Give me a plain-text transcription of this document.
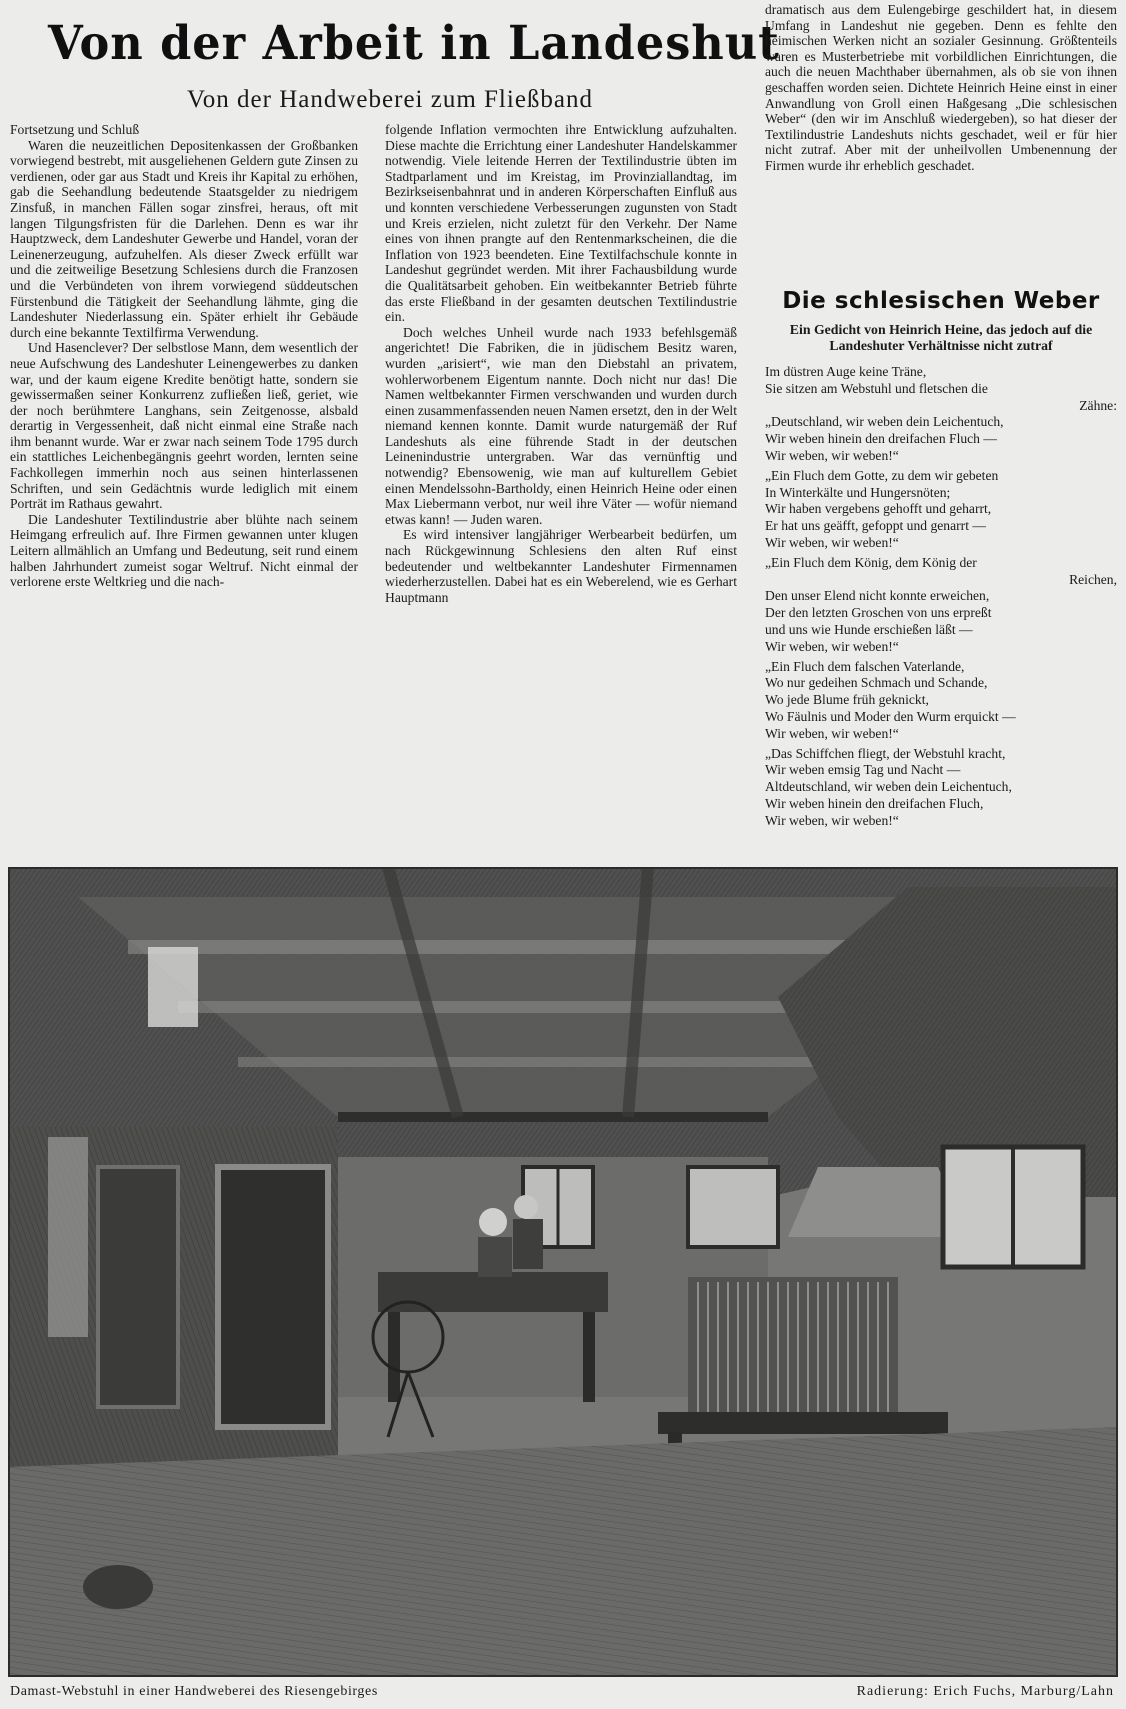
Von der Arbeit in Landeshut
Von der Handweberei zum Fließband

Fortsetzung und Schluß

Waren die neuzeitlichen Depositenkassen der Großbanken vorwiegend bestrebt, mit ausgeliehenen Geldern gute Zinsen zu verdienen, oder gar aus Stadt und Kreis ihr Kapital zu erhöhen, gab die Seehandlung bedeutende Staatsgelder zu niedrigem Zinsfuß, in manchen Fällen sogar zinsfrei, heraus, oft mit langen Tilgungsfristen für die Darlehen. Denn es war ihr Hauptzweck, dem Landeshuter Gewerbe und Handel, voran der Leinenerzeugung, aufzuhelfen. Als dieser Zweck erfüllt war und die zeitweilige Besetzung Schlesiens durch die Franzosen und die Verbündeten von ihrem vorwiegend süddeutschen Fürstenbund die Tätigkeit der Seehandlung lähmte, ging die Landeshuter Niederlassung ein. Später erhielt ihr Gebäude durch eine bekannte Textilfirma Verwendung.

Und Hasenclever? Der selbstlose Mann, dem wesentlich der neue Aufschwung des Landeshuter Leinengewerbes zu danken war, und der kaum eigene Kredite benötigt hatte, sondern sie gewissermaßen seiner Konkurrenz zufließen ließ, geriet, wie der noch berühmtere Langhans, sein Zeitgenosse, alsbald derartig in Vergessenheit, daß nicht einmal eine Straße nach ihm benannt wurde. War er zwar nach seinem Tode 1795 durch ein stattliches Leichenbegängnis geehrt worden, lernten seine Fachkollegen immerhin noch aus seinen hinterlassenen Schriften, und sein Gedächtnis wurde lediglich mit einem Porträt im Rathaus gewahrt.

Die Landeshuter Textilindustrie aber blühte nach seinem Heimgang erfreulich auf. Ihre Firmen gewannen unter klugen Leitern allmählich an Umfang und Bedeutung, seit rund einem halben Jahrhundert zumeist sogar Weltruf. Nicht einmal der verlorene erste Weltkrieg und die nach-

folgende Inflation vermochten ihre Entwicklung aufzuhalten. Diese machte die Errichtung einer Landeshuter Handelskammer notwendig. Viele leitende Herren der Textilindustrie übten im Stadtparlament und im Kreistag, im Provinziallandtag, im Bezirkseisenbahnrat und in anderen Körperschaften Einfluß aus und konnten verschiedene Verbesserungen zugunsten von Stadt und Kreis erzielen, nicht zuletzt für den Verkehr. Der Name eines von ihnen prangte auf den Rentenmarkscheinen, die die Inflation von 1923 beendeten. Eine Textilfachschule konnte in Landeshut gegründet werden. Mit ihrer Fachausbildung wurde die Qualitätsarbeit gehoben. Ein weitbekannter Betrieb führte das erste Fließband in der gesamten deutschen Textilindustrie ein.

Doch welches Unheil wurde nach 1933 befehlsgemäß angerichtet! Die Fabriken, die in jüdischem Besitz waren, wurden „arisiert“, wie man den Diebstahl an privatem, wohlerworbenem Eigentum nannte. Doch nicht nur das! Die Namen weltbekannter Firmen verschwanden und wurden durch einen zusammenfassenden neuen Namen ersetzt, den in der Welt niemand kennen konnte. Damit wurde naturgemäß der Ruf Landeshuts als eine führende Stadt in der deutschen Leinenindustrie untergraben. War das vernünftig und notwendig? Ebensowenig, wie man auf kulturellem Gebiet einen Mendelssohn-Bartholdy, einen Heinrich Heine oder einen Max Liebermann verbot, nur weil ihre Väter — wofür niemand etwas kann! — Juden waren.

Es wird intensiver langjähriger Werbearbeit bedürfen, um nach Rückgewinnung Schlesiens den alten Ruf einst bedeutender und weltbekannter Landeshuter Firmennamen wiederherzustellen. Dabei hat es ein Weberelend, wie es Gerhart Hauptmann

dramatisch aus dem Eulengebirge geschildert hat, in diesem Umfang in Landeshut nie gegeben. Denn es fehlte den heimischen Werken nicht an sozialer Gesinnung. Größtenteils waren es Musterbetriebe mit vorbildlichen Einrichtungen, die auch die neuen Machthaber übernahmen, als ob sie von ihnen geschaffen worden seien. Dichtete Heinrich Heine einst in einer Anwandlung von Groll einen Haßgesang „Die schlesischen Weber“ (den wir im Anschluß wiedergeben), so hat dieser der Textilindustrie Landeshuts nichts geschadet, weil er für hier nicht zutraf. Aber mit der unheilvollen Umbenennung der Firmen wurde ihr erheblich geschadet.

Die schlesischen Weber
Ein Gedicht von Heinrich Heine, das jedoch auf die Landeshuter Verhältnisse nicht zutraf
Im düstren Auge keine Träne,
Sie sitzen am Webstuhl und fletschen die
Zähne:
„Deutschland, wir weben dein Leichentuch,
Wir weben hinein den dreifachen Fluch —
Wir weben, wir weben!“
„Ein Fluch dem Gotte, zu dem wir gebeten
In Winterkälte und Hungersnöten;
Wir haben vergebens gehofft und geharrt,
Er hat uns geäfft, gefoppt und genarrt —
Wir weben, wir weben!“
„Ein Fluch dem König, dem König der
Reichen,
Den unser Elend nicht konnte erweichen,
Der den letzten Groschen von uns erpreßt
und uns wie Hunde erschießen läßt —
Wir weben, wir weben!“
„Ein Fluch dem falschen Vaterlande,
Wo nur gedeihen Schmach und Schande,
Wo jede Blume früh geknickt,
Wo Fäulnis und Moder den Wurm erquickt —
Wir weben, wir weben!“
„Das Schiffchen fliegt, der Webstuhl kracht,
Wir weben emsig Tag und Nacht —
Altdeutschland, wir weben dein Leichentuch,
Wir weben hinein den dreifachen Fluch,
Wir weben, wir weben!“
Damast-Webstuhl in einer Handweberei des Riesengebirges	Radierung: Erich Fuchs, Marburg/Lahn
